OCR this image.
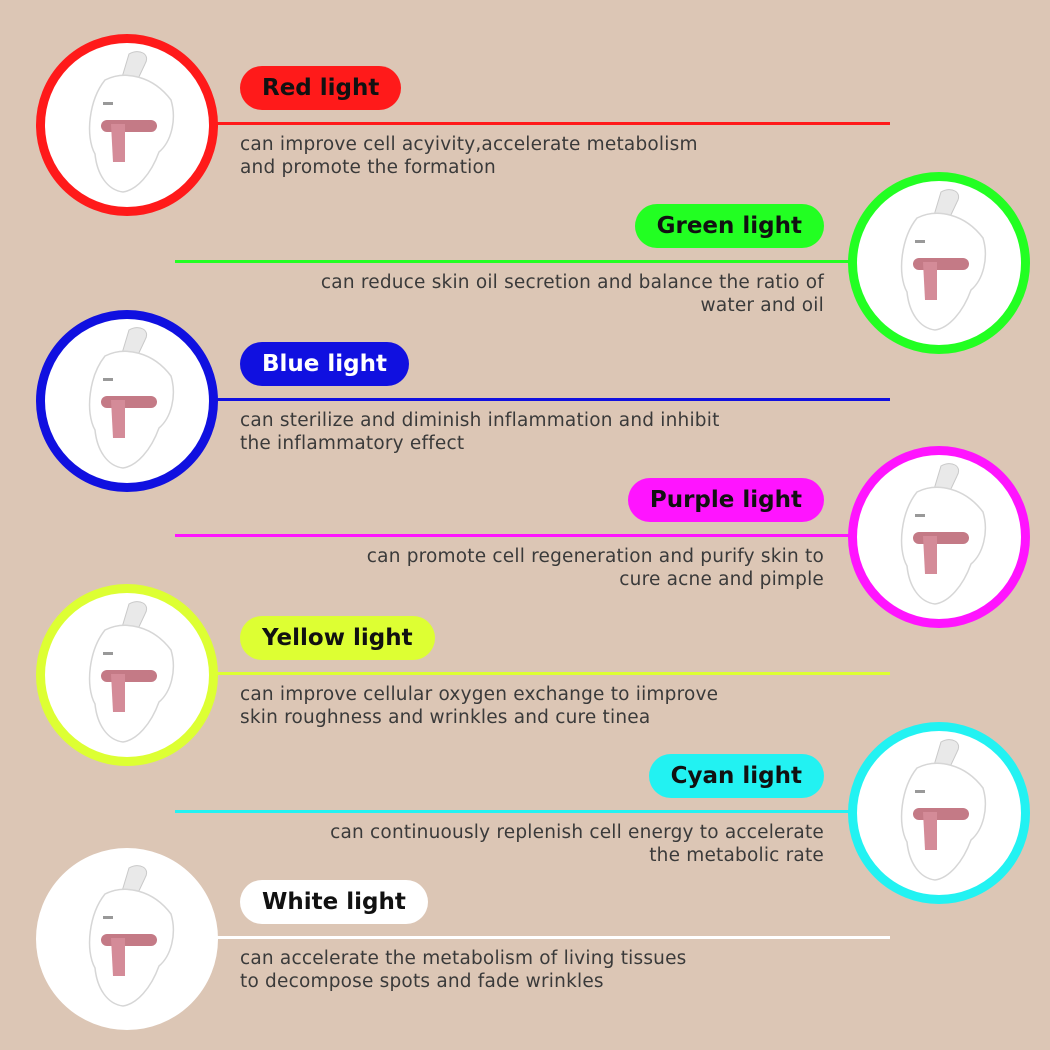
Red light
can improve cell acyivity,accelerate metabolism
and promote the formation
Green light
can reduce skin oil secretion and balance the ratio of
water and oil
Blue light
can sterilize and diminish inflammation and inhibit
the inflammatory effect
Purple light
can promote cell regeneration and purify skin to
cure acne and pimple
Yellow light
can improve cellular oxygen exchange to iimprove
skin roughness and wrinkles and cure tinea
Cyan light
can continuously replenish cell energy to accelerate
the metabolic rate
White light
can accelerate the metabolism of living tissues
to decompose spots and fade wrinkles
